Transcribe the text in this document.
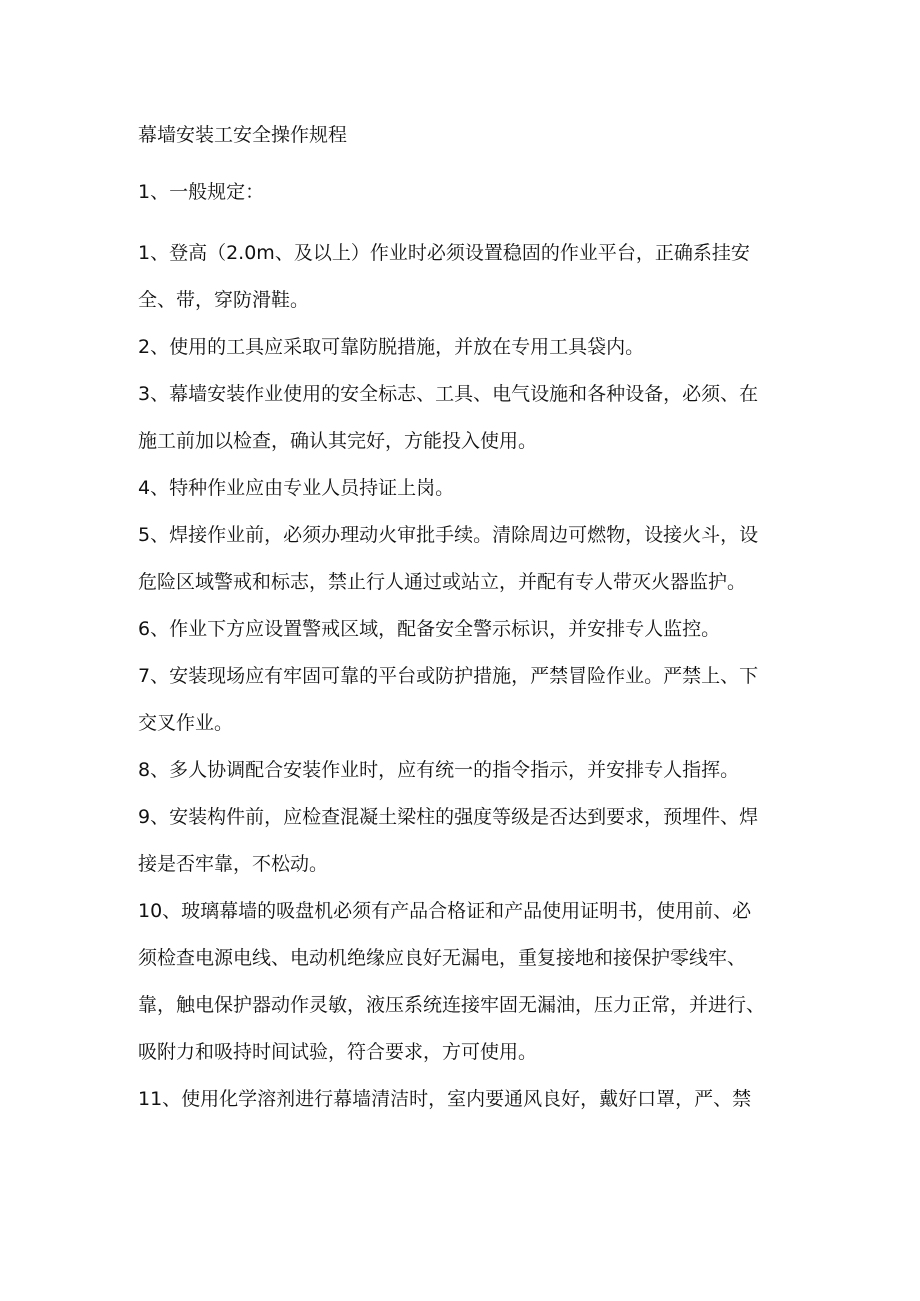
幕墙安装工安全操作规程
1、一般规定：
1、登高（2.0m、及以上）作业时必须设置稳固的作业平台，正确系挂安
全、带，穿防滑鞋。
2、使用的工具应采取可靠防脱措施，并放在专用工具袋内。
3、幕墙安装作业使用的安全标志、工具、电气设施和各种设备，必须、在
施工前加以检查，确认其完好，方能投入使用。
4、特种作业应由专业人员持证上岗。
5、焊接作业前，必须办理动火审批手续。清除周边可燃物，设接火斗，设
危险区域警戒和标志，禁止行人通过或站立，并配有专人带灭火器监护。
6、作业下方应设置警戒区域，配备安全警示标识，并安排专人监控。
7、安装现场应有牢固可靠的平台或防护措施，严禁冒险作业。严禁上、下
交叉作业。
8、多人协调配合安装作业时，应有统一的指令指示，并安排专人指挥。
9、安装构件前，应检查混凝土梁柱的强度等级是否达到要求，预埋件、焊
接是否牢靠，不松动。
10、玻璃幕墙的吸盘机必须有产品合格证和产品使用证明书，使用前、必
须检查电源电线、电动机绝缘应良好无漏电，重复接地和接保护零线牢、
靠，触电保护器动作灵敏，液压系统连接牢固无漏油，压力正常，并进行、
吸附力和吸持时间试验，符合要求，方可使用。
11、使用化学溶剂进行幕墙清洁时，室内要通风良好，戴好口罩，严、禁
